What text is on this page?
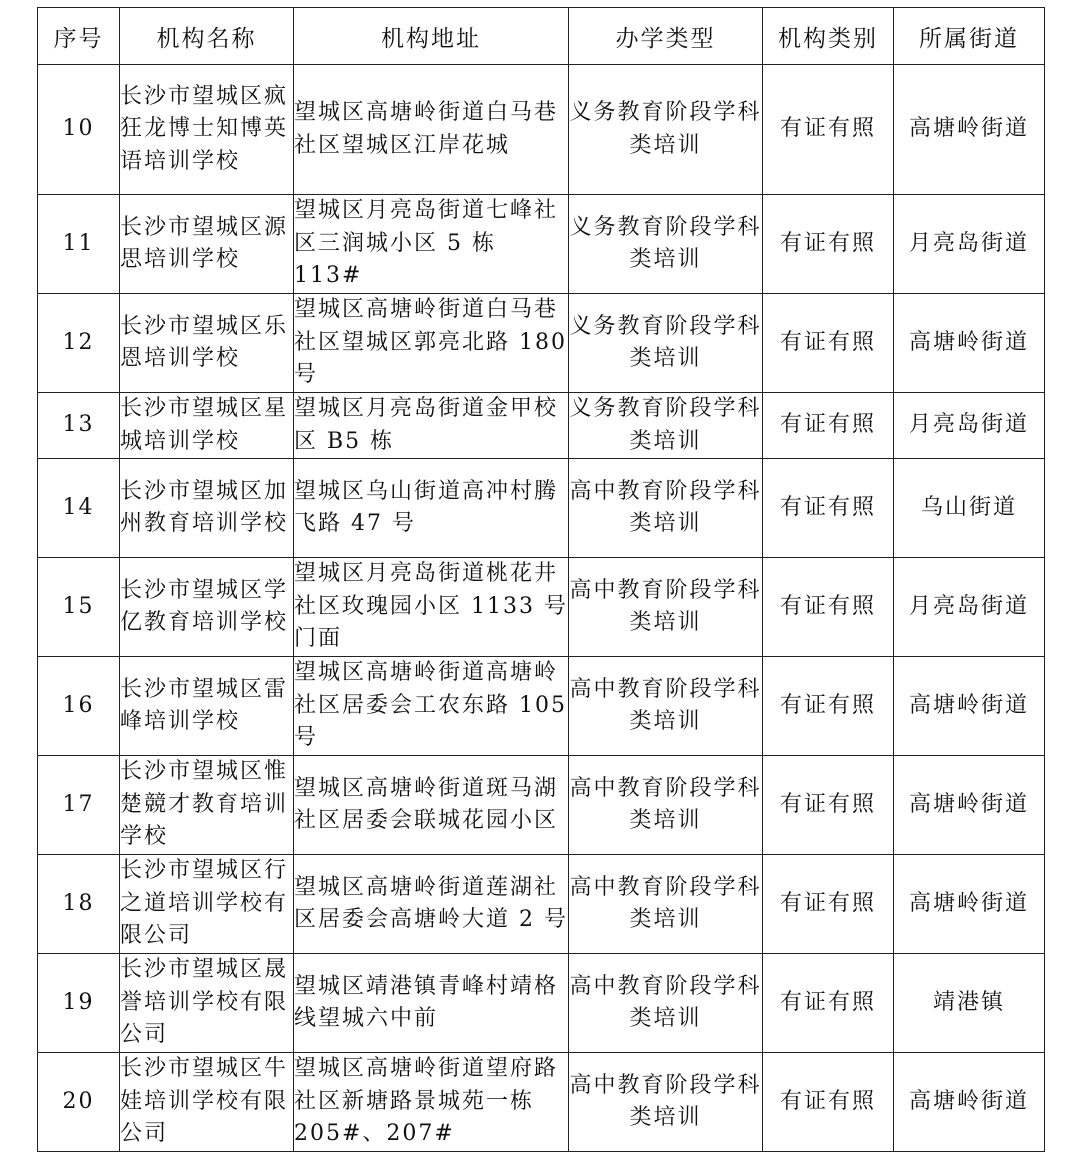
序号	机构名称	机构地址	办学类型	机构类别	所属街道

10	长沙市望城区疯狂龙博士知博英语培训学校	望城区高塘岭街道白马巷社区望城区江岸花城	义务教育阶段学科类培训	有证有照	高塘岭街道

11	长沙市望城区源思培训学校	望城区月亮岛街道七峰社区三润城小区 5 栋 113#	义务教育阶段学科类培训	有证有照	月亮岛街道

12	长沙市望城区乐恩培训学校	望城区高塘岭街道白马巷社区望城区郭亮北路 180 号	义务教育阶段学科类培训	有证有照	高塘岭街道

13	长沙市望城区星城培训学校	望城区月亮岛街道金甲校区 B5 栋	义务教育阶段学科类培训	有证有照	月亮岛街道

14	长沙市望城区加州教育培训学校	望城区乌山街道高冲村腾飞路 47 号	高中教育阶段学科类培训	有证有照	乌山街道

15	长沙市望城区学亿教育培训学校	望城区月亮岛街道桃花井社区玫瑰园小区 1133 号门面	高中教育阶段学科类培训	有证有照	月亮岛街道

16	长沙市望城区雷峰培训学校	望城区高塘岭街道高塘岭社区居委会工农东路 105 号	高中教育阶段学科类培训	有证有照	高塘岭街道

17	长沙市望城区惟楚競才教育培训学校	望城区高塘岭街道斑马湖社区居委会联城花园小区	高中教育阶段学科类培训	有证有照	高塘岭街道

18	长沙市望城区行之道培训学校有限公司	望城区高塘岭街道莲湖社区居委会高塘岭大道 2 号	高中教育阶段学科类培训	有证有照	高塘岭街道

19	长沙市望城区晟誉培训学校有限公司	望城区靖港镇青峰村靖格线望城六中前	高中教育阶段学科类培训	有证有照	靖港镇

20	长沙市望城区牛娃培训学校有限公司	望城区高塘岭街道望府路社区新塘路景城苑一栋 205#、207#	高中教育阶段学科类培训	有证有照	高塘岭街道
